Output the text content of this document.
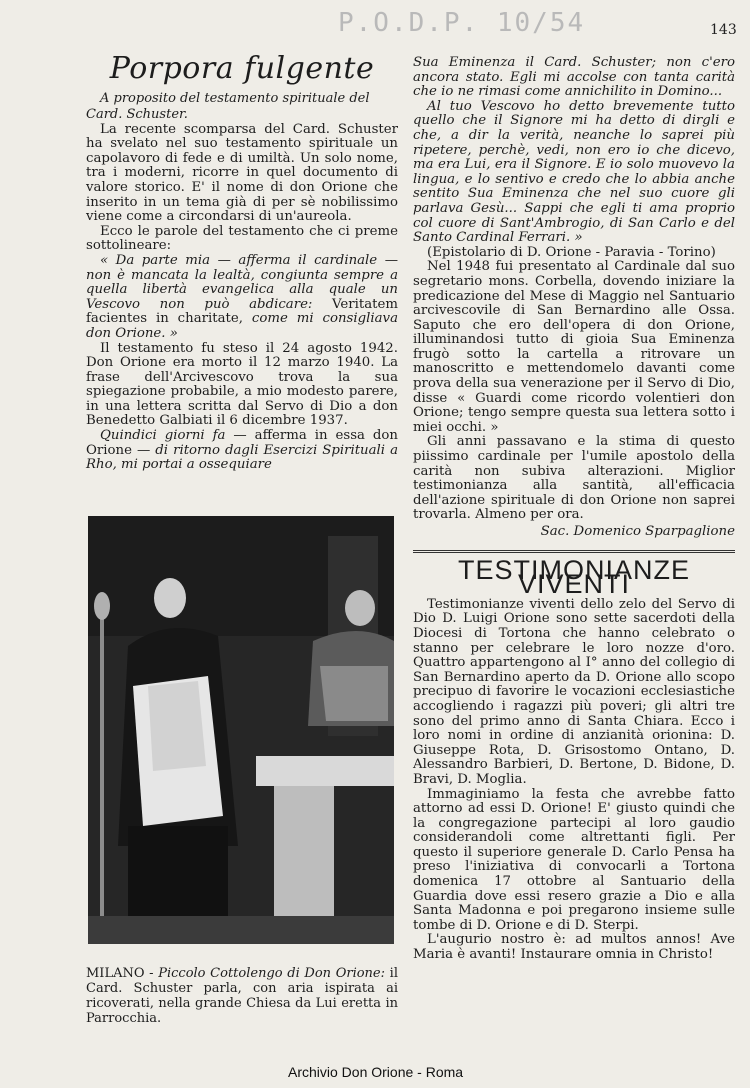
P.O.D.P. 10/54	143
Porpora fulgente

A proposito del testamento spirituale del Card. Schuster.

La recente scomparsa del Card. Schuster ha svelato nel suo testamento spirituale un capolavoro di fede e di umiltà. Un solo nome, tra i moderni, ricorre in quel documento di valore storico. E' il nome di don Orione che inserito in un tema già di per sè nobilissimo viene come a circondarsi di un'aureola.

Ecco le parole del testamento che ci preme sottolineare:

« Da parte mia — afferma il cardinale — non è mancata la lealtà, congiunta sempre a quella libertà evangelica alla quale un Vescovo non può abdicare: Veritatem facientes in charitate, come mi consigliava don Orione. »

Il testamento fu steso il 24 agosto 1942. Don Orione era morto il 12 marzo 1940. La frase dell'Arcivescovo trova la sua spiegazione probabile, a mio modesto parere, in una lettera scritta dal Servo di Dio a don Benedetto Galbiati il 6 dicembre 1937.

Quindici giorni fa — afferma in essa don Orione — di ritorno dagli Esercizi Spirituali a Rho, mi portai a ossequiare

MILANO - Piccolo Cottolengo di Don Orione: il Card. Schuster parla, con aria ispirata ai ricoverati, nella grande Chiesa da Lui eretta in Parrocchia.

Sua Eminenza il Card. Schuster; non c'ero ancora stato. Egli mi accolse con tanta carità che io ne rimasi come annichilito in Domino...

Al tuo Vescovo ho detto brevemente tutto quello che il Signore mi ha detto di dirgli e che, a dir la verità, neanche lo saprei più ripetere, perchè, vedi, non ero io che dicevo, ma era Lui, era il Signore. E io solo muovevo la lingua, e lo sentivo e credo che lo abbia anche sentito Sua Eminenza che nel suo cuore gli parlava Gesù... Sappi che egli ti ama proprio col cuore di Sant'Ambrogio, di San Carlo e del Santo Cardinal Ferrari. »

(Epistolario di D. Orione - Paravia - Torino)

Nel 1948 fui presentato al Cardinale dal suo segretario mons. Corbella, dovendo iniziare la predicazione del Mese di Maggio nel Santuario arcivescovile di San Bernardino alle Ossa. Saputo che ero dell'opera di don Orione, illuminandosi tutto di gioia Sua Eminenza frugò sotto la cartella a ritrovare un manoscritto e mettendomelo davanti come prova della sua venerazione per il Servo di Dio, disse « Guardi come ricordo volentieri don Orione; tengo sempre questa sua lettera sotto i miei occhi. »

Gli anni passavano e la stima di questo piissimo cardinale per l'umile apostolo della carità non subiva alterazioni. Miglior testimonianza alla santità, all'efficacia dell'azione spirituale di don Orione non saprei trovarla. Almeno per ora.

Sac. Domenico Sparpaglione
TESTIMONIANZE VIVENTI

Testimonianze viventi dello zelo del Servo di Dio D. Luigi Orione sono sette sacerdoti della Diocesi di Tortona che hanno celebrato o stanno per celebrare le loro nozze d'oro. Quattro appartengono al I° anno del collegio di San Bernardino aperto da D. Orione allo scopo precipuo di favorire le vocazioni ecclesiastiche accogliendo i ragazzi più poveri; gli altri tre sono del primo anno di Santa Chiara. Ecco i loro nomi in ordine di anzianità orionina: D. Giuseppe Rota, D. Grisostomo Ontano, D. Alessandro Barbieri, D. Bertone, D. Bidone, D. Bravi, D. Moglia.

Immaginiamo la festa che avrebbe fatto attorno ad essi D. Orione! E' giusto quindi che la congregazione partecipi al loro gaudio considerandoli come altrettanti figli. Per questo il superiore generale D. Carlo Pensa ha preso l'iniziativa di convocarli a Tortona domenica 17 ottobre al Santuario della Guardia dove essi resero grazie a Dio e alla Santa Madonna e poi pregarono insieme sulle tombe di D. Orione e di D. Sterpi.

L'augurio nostro è: ad multos annos! Ave Maria è avanti! Instaurare omnia in Christo!

Archivio Don Orione - Roma
